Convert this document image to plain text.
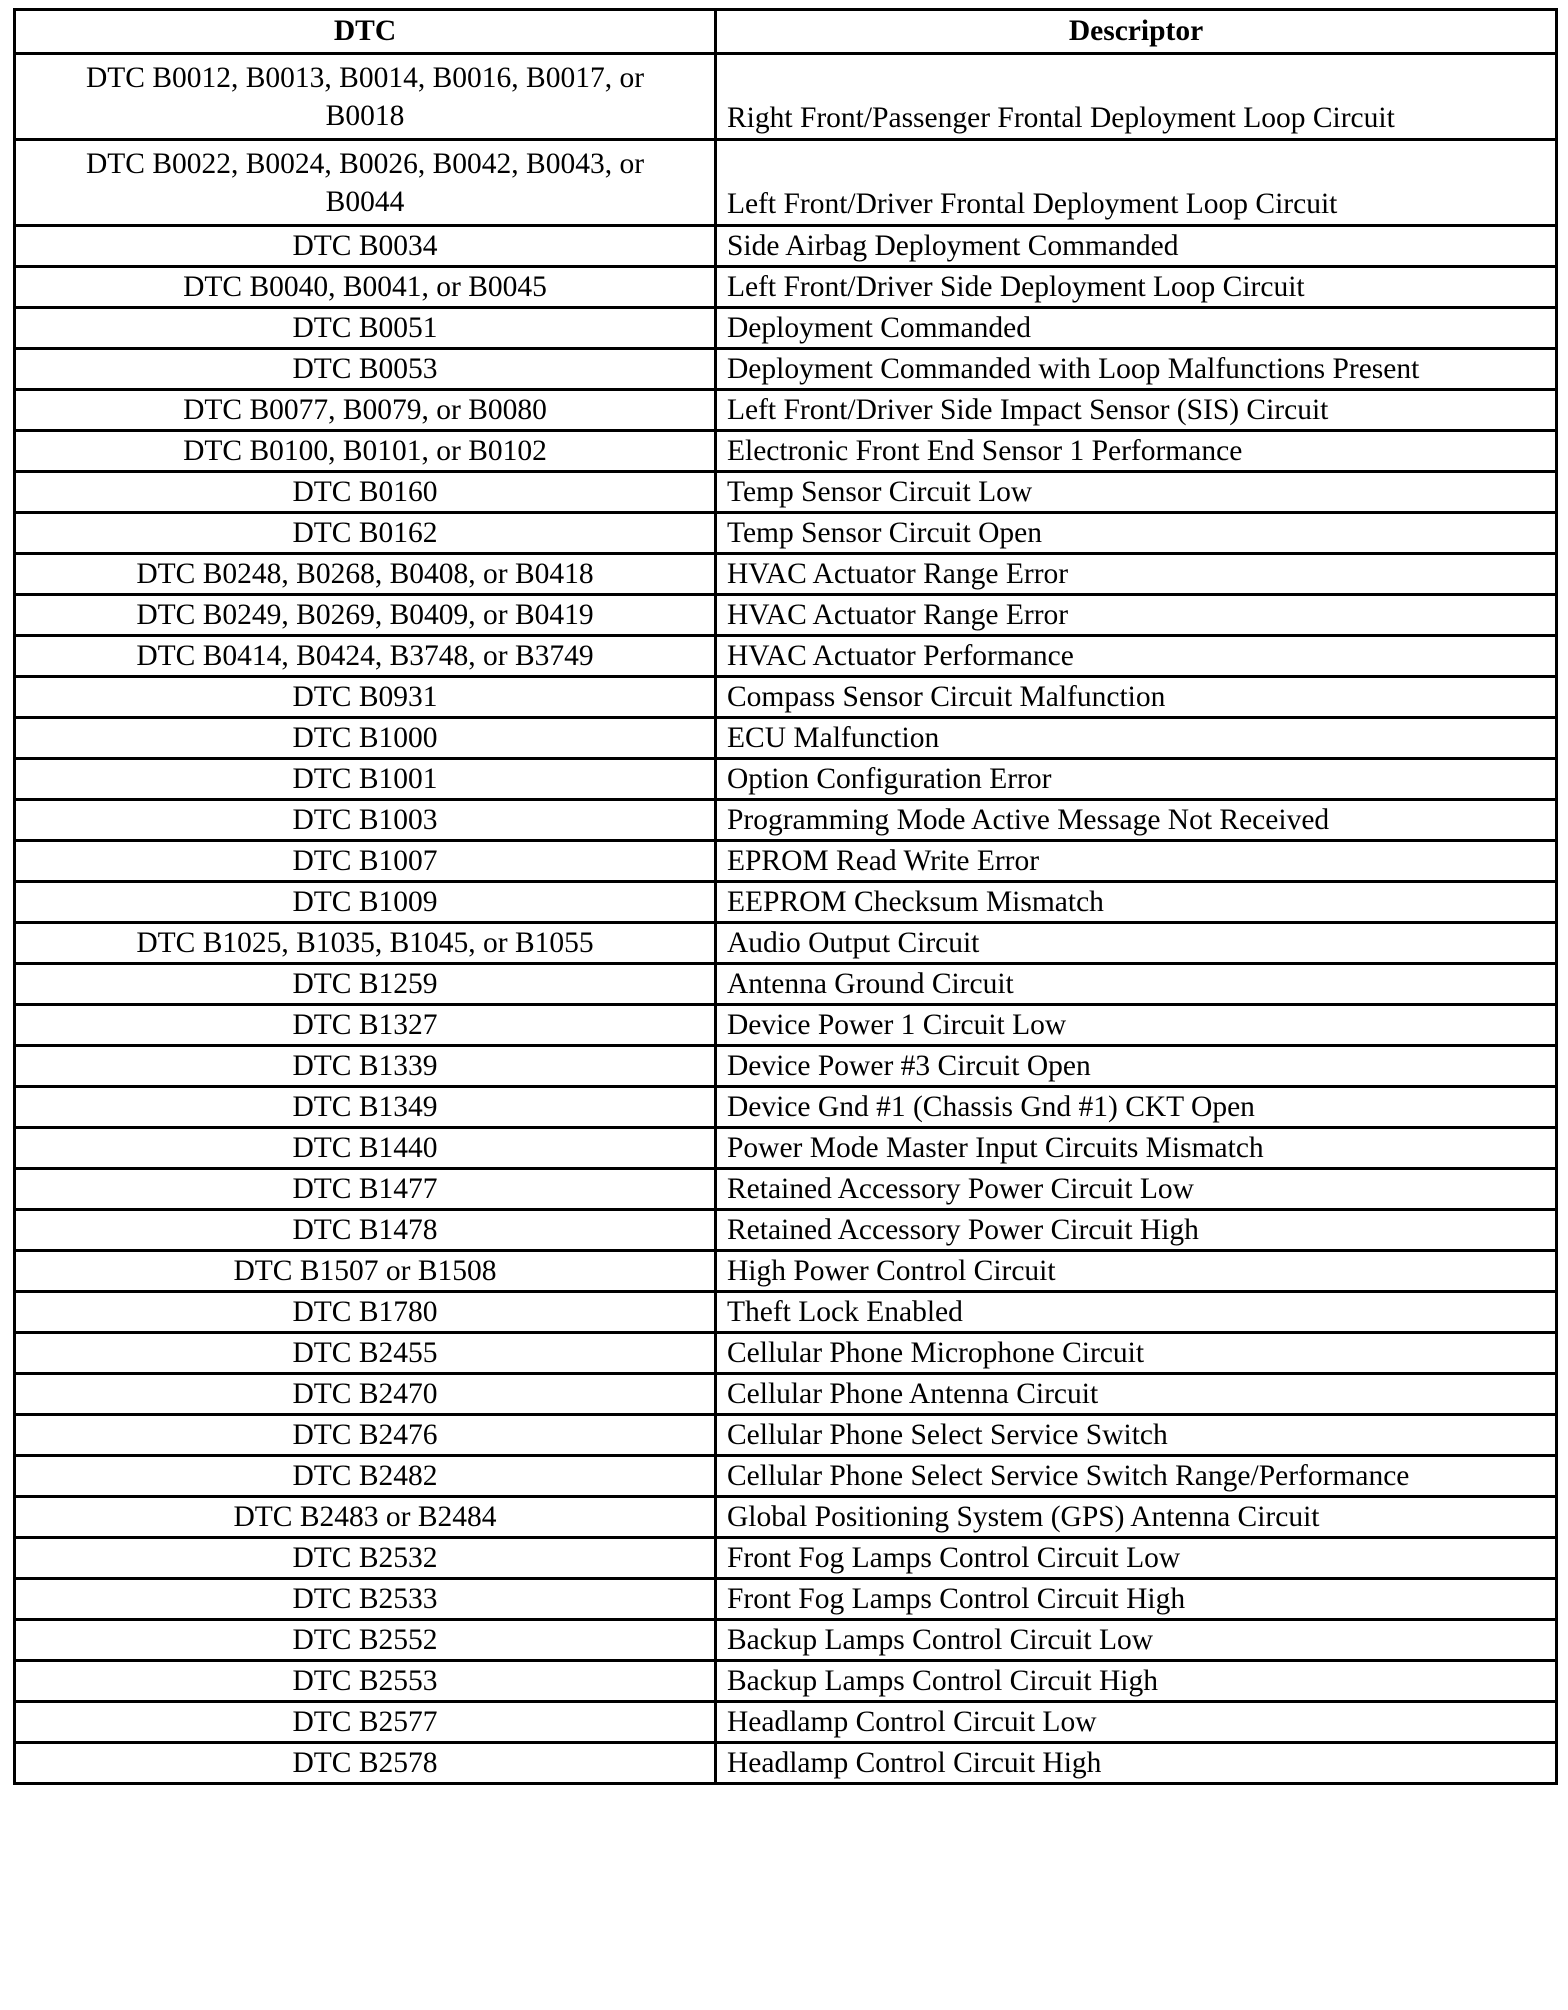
DTC	Descriptor
DTC B0012, B0013, B0014, B0016, B0017, or B0018	Right Front/Passenger Frontal Deployment Loop Circuit
DTC B0022, B0024, B0026, B0042, B0043, or B0044	Left Front/Driver Frontal Deployment Loop Circuit
DTC B0034	Side Airbag Deployment Commanded
DTC B0040, B0041, or B0045	Left Front/Driver Side Deployment Loop Circuit
DTC B0051	Deployment Commanded
DTC B0053	Deployment Commanded with Loop Malfunctions Present
DTC B0077, B0079, or B0080	Left Front/Driver Side Impact Sensor (SIS) Circuit
DTC B0100, B0101, or B0102	Electronic Front End Sensor 1 Performance
DTC B0160	Temp Sensor Circuit Low
DTC B0162	Temp Sensor Circuit Open
DTC B0248, B0268, B0408, or B0418	HVAC Actuator Range Error
DTC B0249, B0269, B0409, or B0419	HVAC Actuator Range Error
DTC B0414, B0424, B3748, or B3749	HVAC Actuator Performance
DTC B0931	Compass Sensor Circuit Malfunction
DTC B1000	ECU Malfunction
DTC B1001	Option Configuration Error
DTC B1003	Programming Mode Active Message Not Received
DTC B1007	EPROM Read Write Error
DTC B1009	EEPROM Checksum Mismatch
DTC B1025, B1035, B1045, or B1055	Audio Output Circuit
DTC B1259	Antenna Ground Circuit
DTC B1327	Device Power 1 Circuit Low
DTC B1339	Device Power #3 Circuit Open
DTC B1349	Device Gnd #1 (Chassis Gnd #1) CKT Open
DTC B1440	Power Mode Master Input Circuits Mismatch
DTC B1477	Retained Accessory Power Circuit Low
DTC B1478	Retained Accessory Power Circuit High
DTC B1507 or B1508	High Power Control Circuit
DTC B1780	Theft Lock Enabled
DTC B2455	Cellular Phone Microphone Circuit
DTC B2470	Cellular Phone Antenna Circuit
DTC B2476	Cellular Phone Select Service Switch
DTC B2482	Cellular Phone Select Service Switch Range/Performance
DTC B2483 or B2484	Global Positioning System (GPS) Antenna Circuit
DTC B2532	Front Fog Lamps Control Circuit Low
DTC B2533	Front Fog Lamps Control Circuit High
DTC B2552	Backup Lamps Control Circuit Low
DTC B2553	Backup Lamps Control Circuit High
DTC B2577	Headlamp Control Circuit Low
DTC B2578	Headlamp Control Circuit High
